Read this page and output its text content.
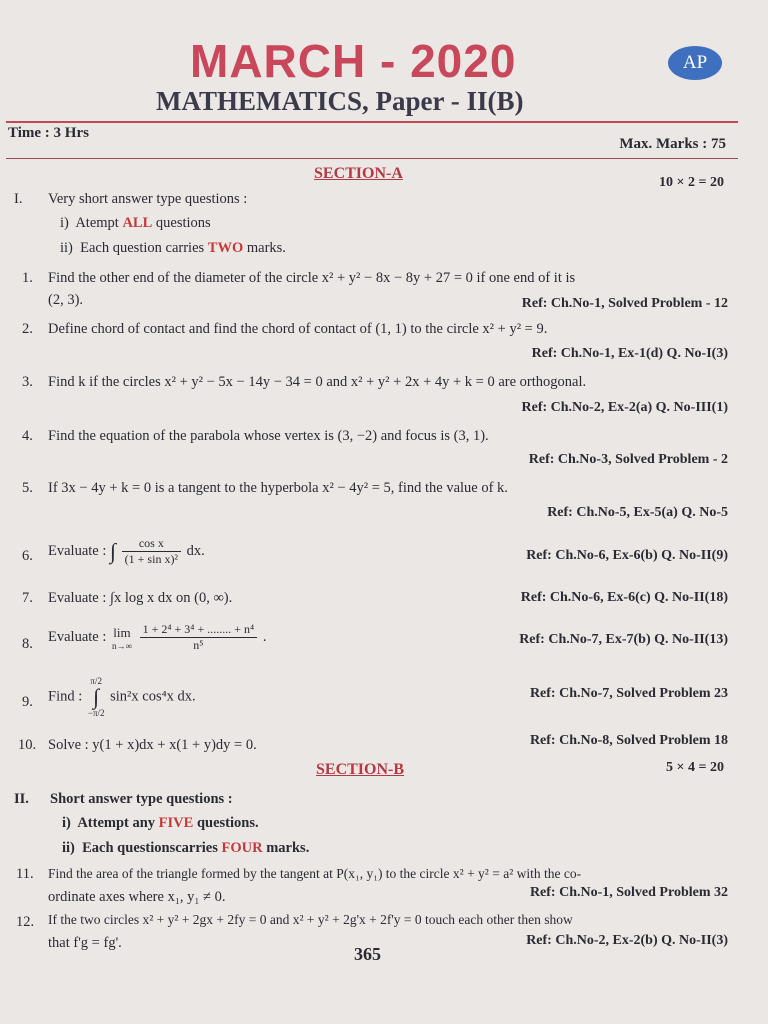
MARCH - 2020	AP
MATHEMATICS, Paper - II(B)
Time : 3 Hrs
Max. Marks : 75
SECTION-A
10 × 2 = 20
I. Very short answer type questions :
i) Atempt ALL questions
ii) Each question carries TWO marks.
1. Find the other end of the diameter of the circle x² + y² − 8x − 8y + 27 = 0 if one end of it is
(2, 3).	Ref: Ch.No-1, Solved Problem - 12
2. Define chord of contact and find the chord of contact of (1, 1) to the circle x² + y² = 9.
Ref: Ch.No-1, Ex-1(d) Q. No-I(3)
3. Find k if the circles x² + y² − 5x − 14y − 34 = 0 and x² + y² + 2x + 4y + k = 0 are orthogonal.
Ref: Ch.No-2, Ex-2(a) Q. No-III(1)
4. Find the equation of the parabola whose vertex is (3, −2) and focus is (3, 1).
Ref: Ch.No-3, Solved Problem - 2
5. If 3x − 4y + k = 0 is a tangent to the hyperbola x² − 4y² = 5, find the value of k.
Ref: Ch.No-5, Ex-5(a) Q. No-5
6. Evaluate : ∫ $\frac{\text{cos x}}{\text{(1 + sin x)²}}$ dx.	Ref: Ch.No-6, Ex-6(b) Q. No-II(9)
7. Evaluate : ∫x log x dx on (0, ∞).	Ref: Ch.No-6, Ex-6(c) Q. No-II(18)
8. Evaluate : lim
n→∞
$\frac{\text{1 + 2⁴ + 3⁴ + ........ + n⁴}}{\text{n⁵}}$ .	Ref: Ch.No-7, Ex-7(b) Q. No-II(13)
9. Find :
π/2
∫
−π/2
sin²x cos⁴x dx.	Ref: Ch.No-7, Solved Problem 23
10. Solve : y(1 + x)dx + x(1 + y)dy = 0.	Ref: Ch.No-8, Solved Problem 18
SECTION-B	5 × 4 = 20
II. Short answer type questions :
i) Attempt any FIVE questions.
ii) Each questionscarries FOUR marks.
11. Find the area of the triangle formed by the tangent at P(x₁, y₁) to the circle x² + y² = a² with the co-
ordinate axes where x₁, y₁ ≠ 0.	Ref: Ch.No-1, Solved Problem 32
12. If the two circles x² + y² + 2gx + 2fy = 0 and x² + y² + 2g'x + 2f'y = 0 touch each other then show
that f'g = fg'.	Ref: Ch.No-2, Ex-2(b) Q. No-II(3)
365
